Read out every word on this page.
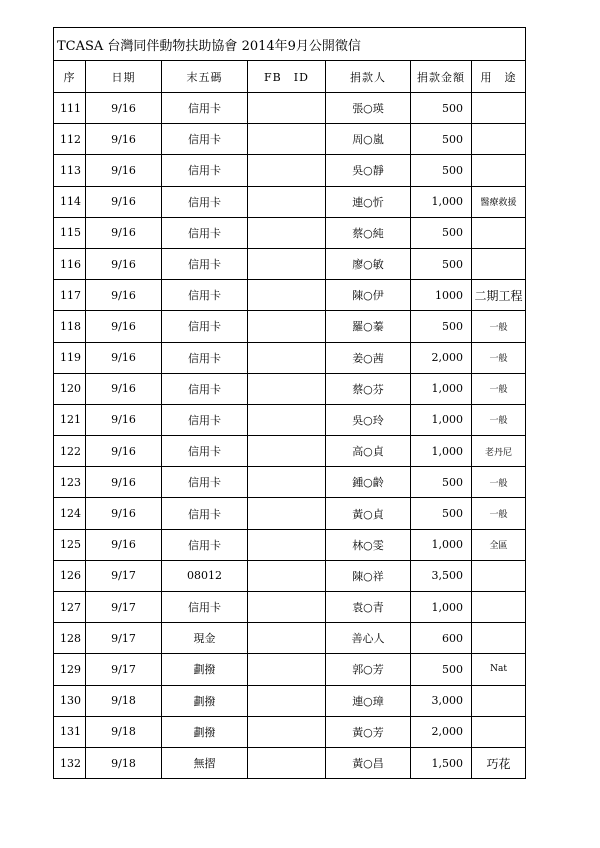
TCASA 台灣同伴動物扶助協會 2014年9月公開徵信						
序	日期	末五碼	FB　ID	捐款人	捐款金額	用　途
111	9/16	信用卡		張○瑛	500	
112	9/16	信用卡		周○嵐	500	
113	9/16	信用卡		吳○靜	500	
114	9/16	信用卡		連○忻	1,000	醫療救援
115	9/16	信用卡		蔡○純	500	
116	9/16	信用卡		廖○敏	500	
117	9/16	信用卡		陳○伊	1000	二期工程
118	9/16	信用卡		羅○蓁	500	一般
119	9/16	信用卡		姜○茜	2,000	一般
120	9/16	信用卡		蔡○芬	1,000	一般
121	9/16	信用卡		吳○玲	1,000	一般
122	9/16	信用卡		高○貞	1,000	老丹尼
123	9/16	信用卡		鍾○齡	500	一般
124	9/16	信用卡		黃○貞	500	一般
125	9/16	信用卡		林○雯	1,000	全區
126	9/17	08012		陳○祥	3,500	
127	9/17	信用卡		袁○青	1,000	
128	9/17	現金		善心人	600	
129	9/17	劃撥		郭○芳	500	Nat
130	9/18	劃撥		連○璋	3,000	
131	9/18	劃撥		黃○芳	2,000	
132	9/18	無摺		黃○昌	1,500	巧花
